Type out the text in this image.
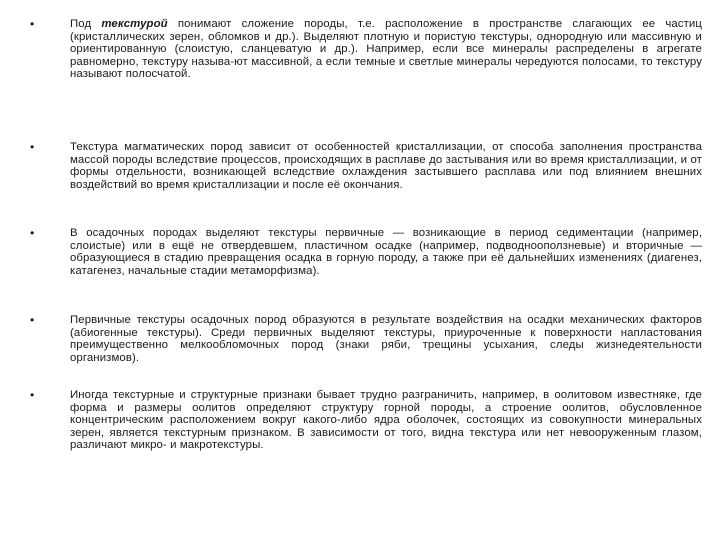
•	Под текстурой понимают сложение породы, т.е. расположение в пространстве слагающих ее частиц (кристаллических зерен, обломков и др.). Выделяют плотную и пористую текстуры, однородную или массивную и ориентированную (слоистую, сланцеватую и др.). Например, если все минералы распределены в агрегате равномерно, текстуру называ-ют массивной, а если темные и светлые минералы чередуются полосами, то текстуру называют полосчатой.

•	Текстура магматических пород зависит от особенностей кристаллизации, от способа заполнения пространства массой породы вследствие процессов, происходящих в расплаве до застывания или во время кристаллизации, и от формы отдельности, возникающей вследствие охлаждения застывшего расплава или под влиянием внешних воздействий во время кристаллизации и после её окончания.

•	В осадочных породах выделяют текстуры первичные — возникающие в период седиментации (например, слоистые) или в ещё не отвердевшем, пластичном осадке (например, подводнооползневые) и вторичные — образующиеся в стадию превращения осадка в горную породу, а также при её дальнейших изменениях (диагенез, катагенез, начальные стадии метаморфизма).

•	Первичные текстуры осадочных пород образуются в результате воздействия на осадки механических факторов (абиогенные текстуры). Среди первичных выделяют текстуры, приуроченные к поверхности напластования преимущественно мелкообломочных пород (знаки ряби, трещины усыхания, следы жизнедеятельности организмов).

•	Иногда текстурные и структурные признаки бывает трудно разграничить, например, в оолитовом известняке, где форма и размеры оолитов определяют структуру горной породы, а строение оолитов, обусловленное концентрическим расположением вокруг какого-либо ядра оболочек, состоящих из совокупности минеральных зерен, является текстурным признаком. В зависимости от того, видна текстура или нет невооруженным глазом, различают микро- и макротекстуры.
